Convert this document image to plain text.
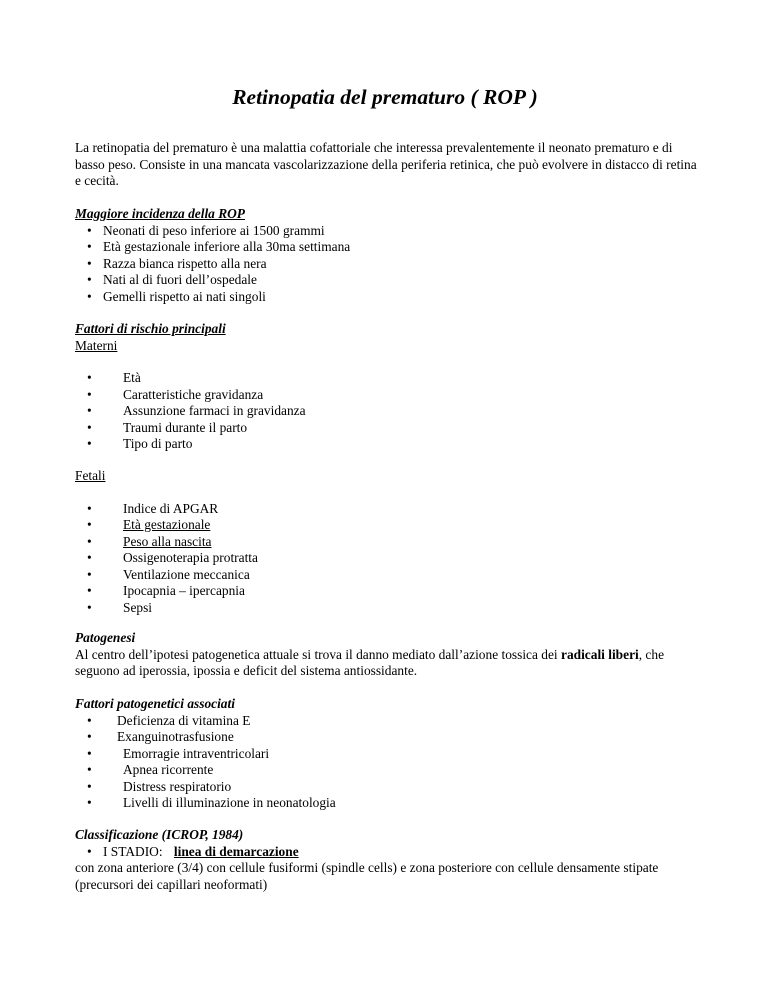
Retinopatia del prematuro ( ROP )

La retinopatia del prematuro è una malattia cofattoriale che interessa prevalentemente il neonato prematuro e di basso peso. Consiste in una mancata vascolarizzazione della periferia retinica, che può evolvere in distacco di retina e cecità.

Maggiore incidenza della ROP

• Neonati di peso inferiore ai 1500 grammi
• Età gestazionale inferiore alla 30ma settimana
• Razza bianca rispetto alla nera
• Nati al di fuori dell’ospedale
• Gemelli rispetto ai nati singoli

Fattori di rischio principali

Materni

• Età
• Caratteristiche gravidanza
• Assunzione farmaci in gravidanza
• Traumi durante il parto
• Tipo di parto

Fetali

• Indice di APGAR
• Età gestazionale
• Peso alla nascita
• Ossigenoterapia protratta
• Ventilazione meccanica
• Ipocapnia – ipercapnia
• Sepsi

Patogenesi

Al centro dell’ipotesi patogenetica attuale si trova il danno mediato dall’azione tossica dei radicali liberi, che seguono ad iperossia, ipossia e deficit del sistema antiossidante.

Fattori patogenetici associati

• Deficienza di vitamina E
• Exanguinotrasfusione
• Emorragie intraventricolari
• Apnea ricorrente
• Distress respiratorio
• Livelli di illuminazione in neonatologia

Classificazione (ICROP, 1984)

• I STADIO: linea di demarcazione

con zona anteriore (3/4) con cellule fusiformi (spindle cells) e zona posteriore con cellule densamente stipate (precursori dei capillari neoformati)
